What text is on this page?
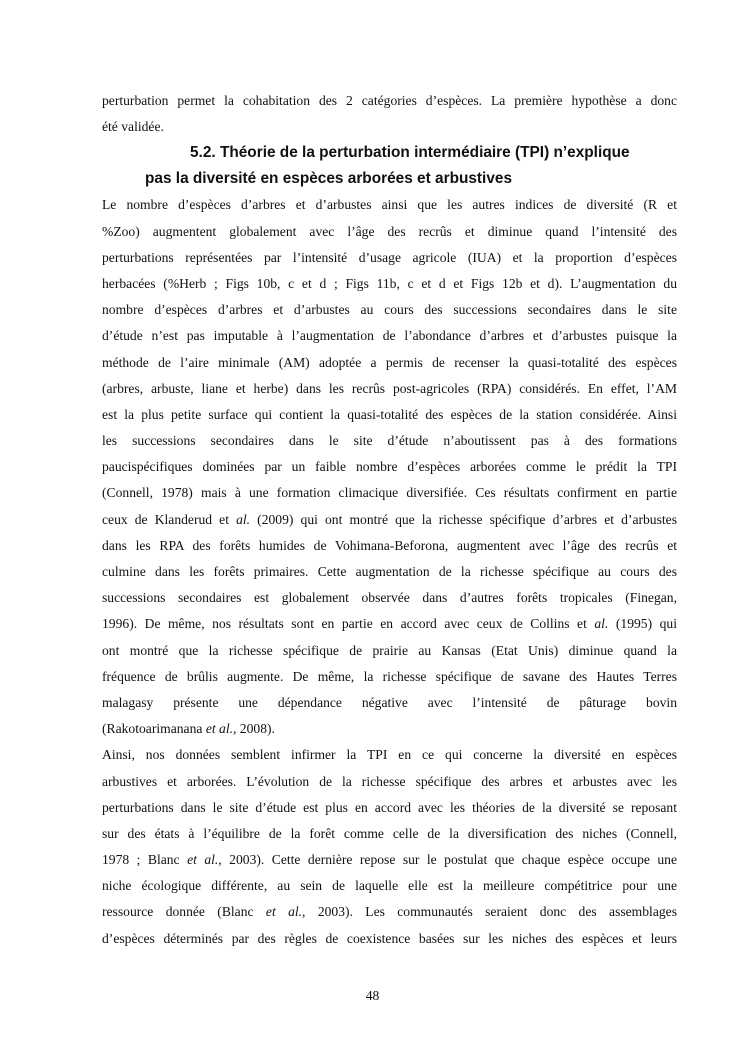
perturbation permet la cohabitation des 2 catégories d’espèces. La première hypothèse a donc
été validée.
5.2. Théorie de la perturbation intermédiaire (TPI) n’explique
pas la diversité en espèces arborées et arbustives
Le nombre d’espèces d’arbres et d’arbustes ainsi que les autres indices de diversité (R et
%Zoo) augmentent globalement avec l’âge des recrûs et diminue quand l’intensité des
perturbations représentées par l’intensité d’usage agricole (IUA) et la proportion d’espèces
herbacées (%Herb ; Figs 10b, c et d ; Figs 11b, c et d et Figs 12b et d). L’augmentation du
nombre d’espèces d’arbres et d’arbustes au cours des successions secondaires dans le site
d’étude n’est pas imputable à l’augmentation de l’abondance d’arbres et d’arbustes puisque la
méthode de l’aire minimale (AM) adoptée a permis de recenser la quasi-totalité des espèces
(arbres, arbuste, liane et herbe) dans les recrûs post-agricoles (RPA) considérés. En effet, l’AM
est la plus petite surface qui contient la quasi-totalité des espèces de la station considérée. Ainsi
les successions secondaires dans le site d’étude n’aboutissent pas à des formations
paucispécifiques dominées par un faible nombre d’espèces arborées comme le prédit la TPI
(Connell, 1978) mais à une formation climacique diversifiée. Ces résultats confirment en partie
ceux de Klanderud et al. (2009) qui ont montré que la richesse spécifique d’arbres et d’arbustes
dans les RPA des forêts humides de Vohimana-Beforona, augmentent avec l’âge des recrûs et
culmine dans les forêts primaires. Cette augmentation de la richesse spécifique au cours des
successions secondaires est globalement observée dans d’autres forêts tropicales (Finegan,
1996). De même, nos résultats sont en partie en accord avec ceux de Collins et al. (1995) qui
ont montré que la richesse spécifique de prairie au Kansas (Etat Unis) diminue quand la
fréquence de brûlis augmente. De même, la richesse spécifique de savane des Hautes Terres
malagasy présente une dépendance négative avec l’intensité de pâturage bovin
(Rakotoarimanana et al., 2008).
Ainsi, nos données semblent infirmer la TPI en ce qui concerne la diversité en espèces
arbustives et arborées. L’évolution de la richesse spécifique des arbres et arbustes avec les
perturbations dans le site d’étude est plus en accord avec les théories de la diversité se reposant
sur des états à l’équilibre de la forêt comme celle de la diversification des niches (Connell,
1978 ; Blanc et al., 2003). Cette dernière repose sur le postulat que chaque espèce occupe une
niche écologique différente, au sein de laquelle elle est la meilleure compétitrice pour une
ressource donnée (Blanc et al., 2003). Les communautés seraient donc des assemblages
d’espèces déterminés par des règles de coexistence basées sur les niches des espèces et leurs
48
